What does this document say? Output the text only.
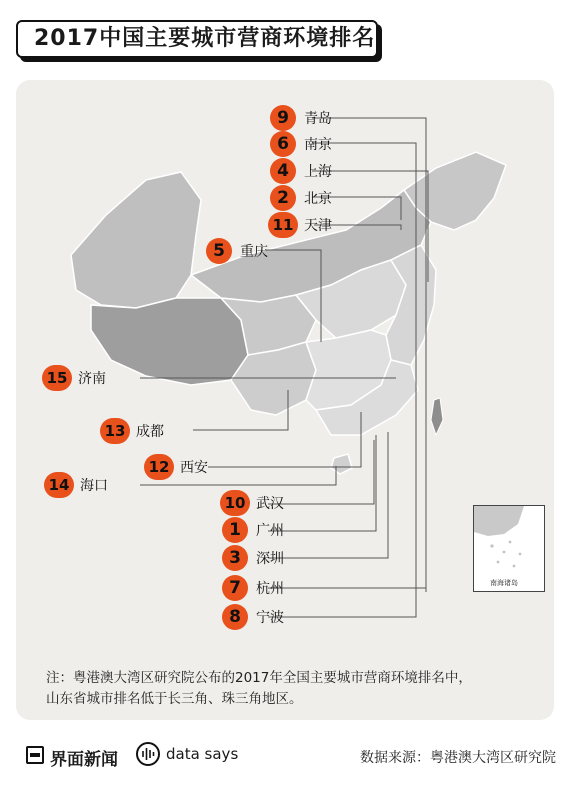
2017中国主要城市营商环境排名
南海诸岛
注：粤港澳大湾区研究院公布的2017年全国主要城市营商环境排名中，
山东省城市排名低于长三角、珠三角地区。
9	青岛
6	南京
4	上海
2	北京
11 天津
5	重庆
15 济南
13 成都
12 西安
14 海口
10 武汉
1	广州
3	深圳
7	杭州
8	宁波
界面新闻	data says	数据来源：粤港澳大湾区研究院
